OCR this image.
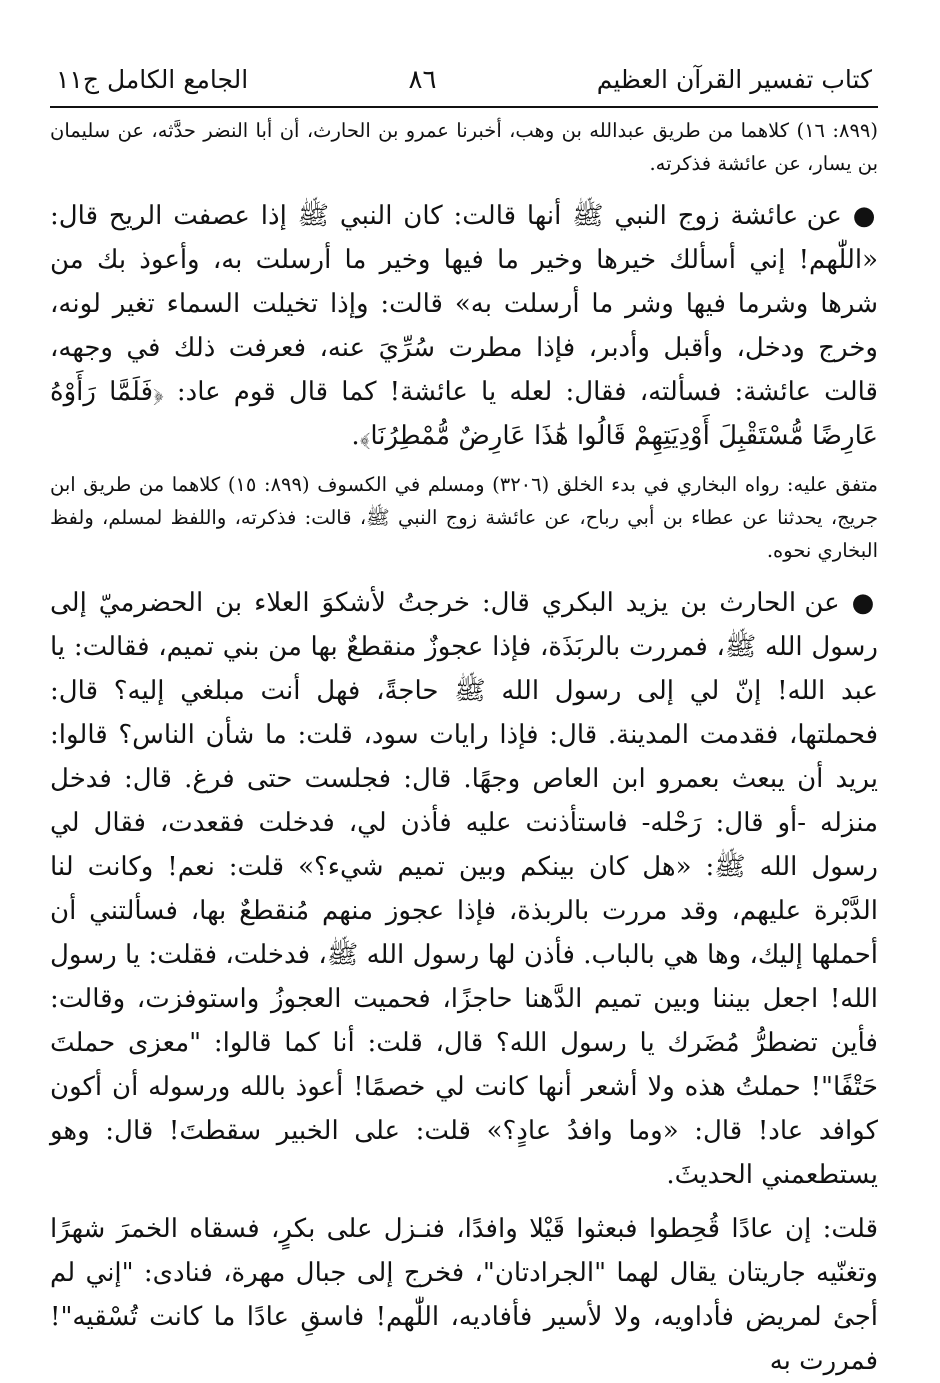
كتاب تفسير القرآن العظيم
٨٦
الجامع الكامل ج١١

(٨٩٩: ١٦) كلاهما من طريق عبدالله بن وهب، أخبرنا عمرو بن الحارث، أن أبا النضر حدَّثه، عن سليمان بن يسار، عن عائشة فذكرته.

● عن عائشة زوج النبي ﷺ أنها قالت: كان النبي ﷺ إذا عصفت الريح قال: «اللّٰهم! إني أسألك خيرها وخير ما فيها وخير ما أرسلت به، وأعوذ بك من شرها وشرما فيها وشر ما أرسلت به» قالت: وإذا تخيلت السماء تغير لونه، وخرج ودخل، وأقبل وأدبر، فإذا مطرت سُرِّيَ عنه، فعرفت ذلك في وجهه، قالت عائشة: فسألته، فقال: لعله يا عائشة! كما قال قوم عاد: ﴿فَلَمَّا رَأَوْهُ عَارِضًا مُّسْتَقْبِلَ أَوْدِيَتِهِمْ قَالُوا هَٰذَا عَارِضٌ مُّمْطِرُنَا﴾.

متفق عليه: رواه البخاري في بدء الخلق (٣٢٠٦) ومسلم في الكسوف (٨٩٩: ١٥) كلاهما من طريق ابن جريج، يحدثنا عن عطاء بن أبي رباح، عن عائشة زوج النبي ﷺ، قالت: فذكرته، واللفظ لمسلم، ولفظ البخاري نحوه.

● عن الحارث بن يزيد البكري قال: خرجتُ لأشكوَ العلاء بن الحضرميّ إلى رسول الله ﷺ، فمررت بالربَذَة، فإذا عجوزٌ منقطعٌ بها من بني تميم، فقالت: يا عبد الله! إنّ لي إلى رسول الله ﷺ حاجةً، فهل أنت مبلغي إليه؟ قال: فحملتها، فقدمت المدينة. قال: فإذا رايات سود، قلت: ما شأن الناس؟ قالوا: يريد أن يبعث بعمرو ابن العاص وجهًا. قال: فجلست حتى فرغ. قال: فدخل منزله -أو قال: رَحْله- فاستأذنت عليه فأذن لي، فدخلت فقعدت، فقال لي رسول الله ﷺ: «هل كان بينكم وبين تميم شيء؟» قلت: نعم! وكانت لنا الدَّبْرة عليهم، وقد مررت بالربذة، فإذا عجوز منهم مُنقطعٌ بها، فسألتني أن أحملها إليك، وها هي بالباب. فأذن لها رسول الله ﷺ، فدخلت، فقلت: يا رسول الله! اجعل بيننا وبين تميم الدَّهنا حاجزًا، فحميت العجوزُ واستوفزت، وقالت: فأين تضطرُّ مُضَرك يا رسول الله؟ قال، قلت: أنا كما قالوا: "معزى حملتَ حَتْفًا"! حملتُ هذه ولا أشعر أنها كانت لي خصمًا! أعوذ بالله ورسوله أن أكون كوافد عاد! قال: «وما وافدُ عادٍ؟» قلت: على الخبير سقطتَ! قال: وهو يستطعمني الحديثَ.

قلت: إن عادًا قُحِطوا فبعثوا قَيْلا وافدًا، فنـزل على بكرٍ، فسقاه الخمرَ شهرًا وتغنّيه جاريتان يقال لهما "الجرادتان"، فخرج إلى جبال مهرة، فنادى: "إني لم أجئ لمريض فأداويه، ولا لأسير فأفاديه، اللّٰهم! فاسقِ عادًا ما كانت تُسْقيه"! فمررت به
